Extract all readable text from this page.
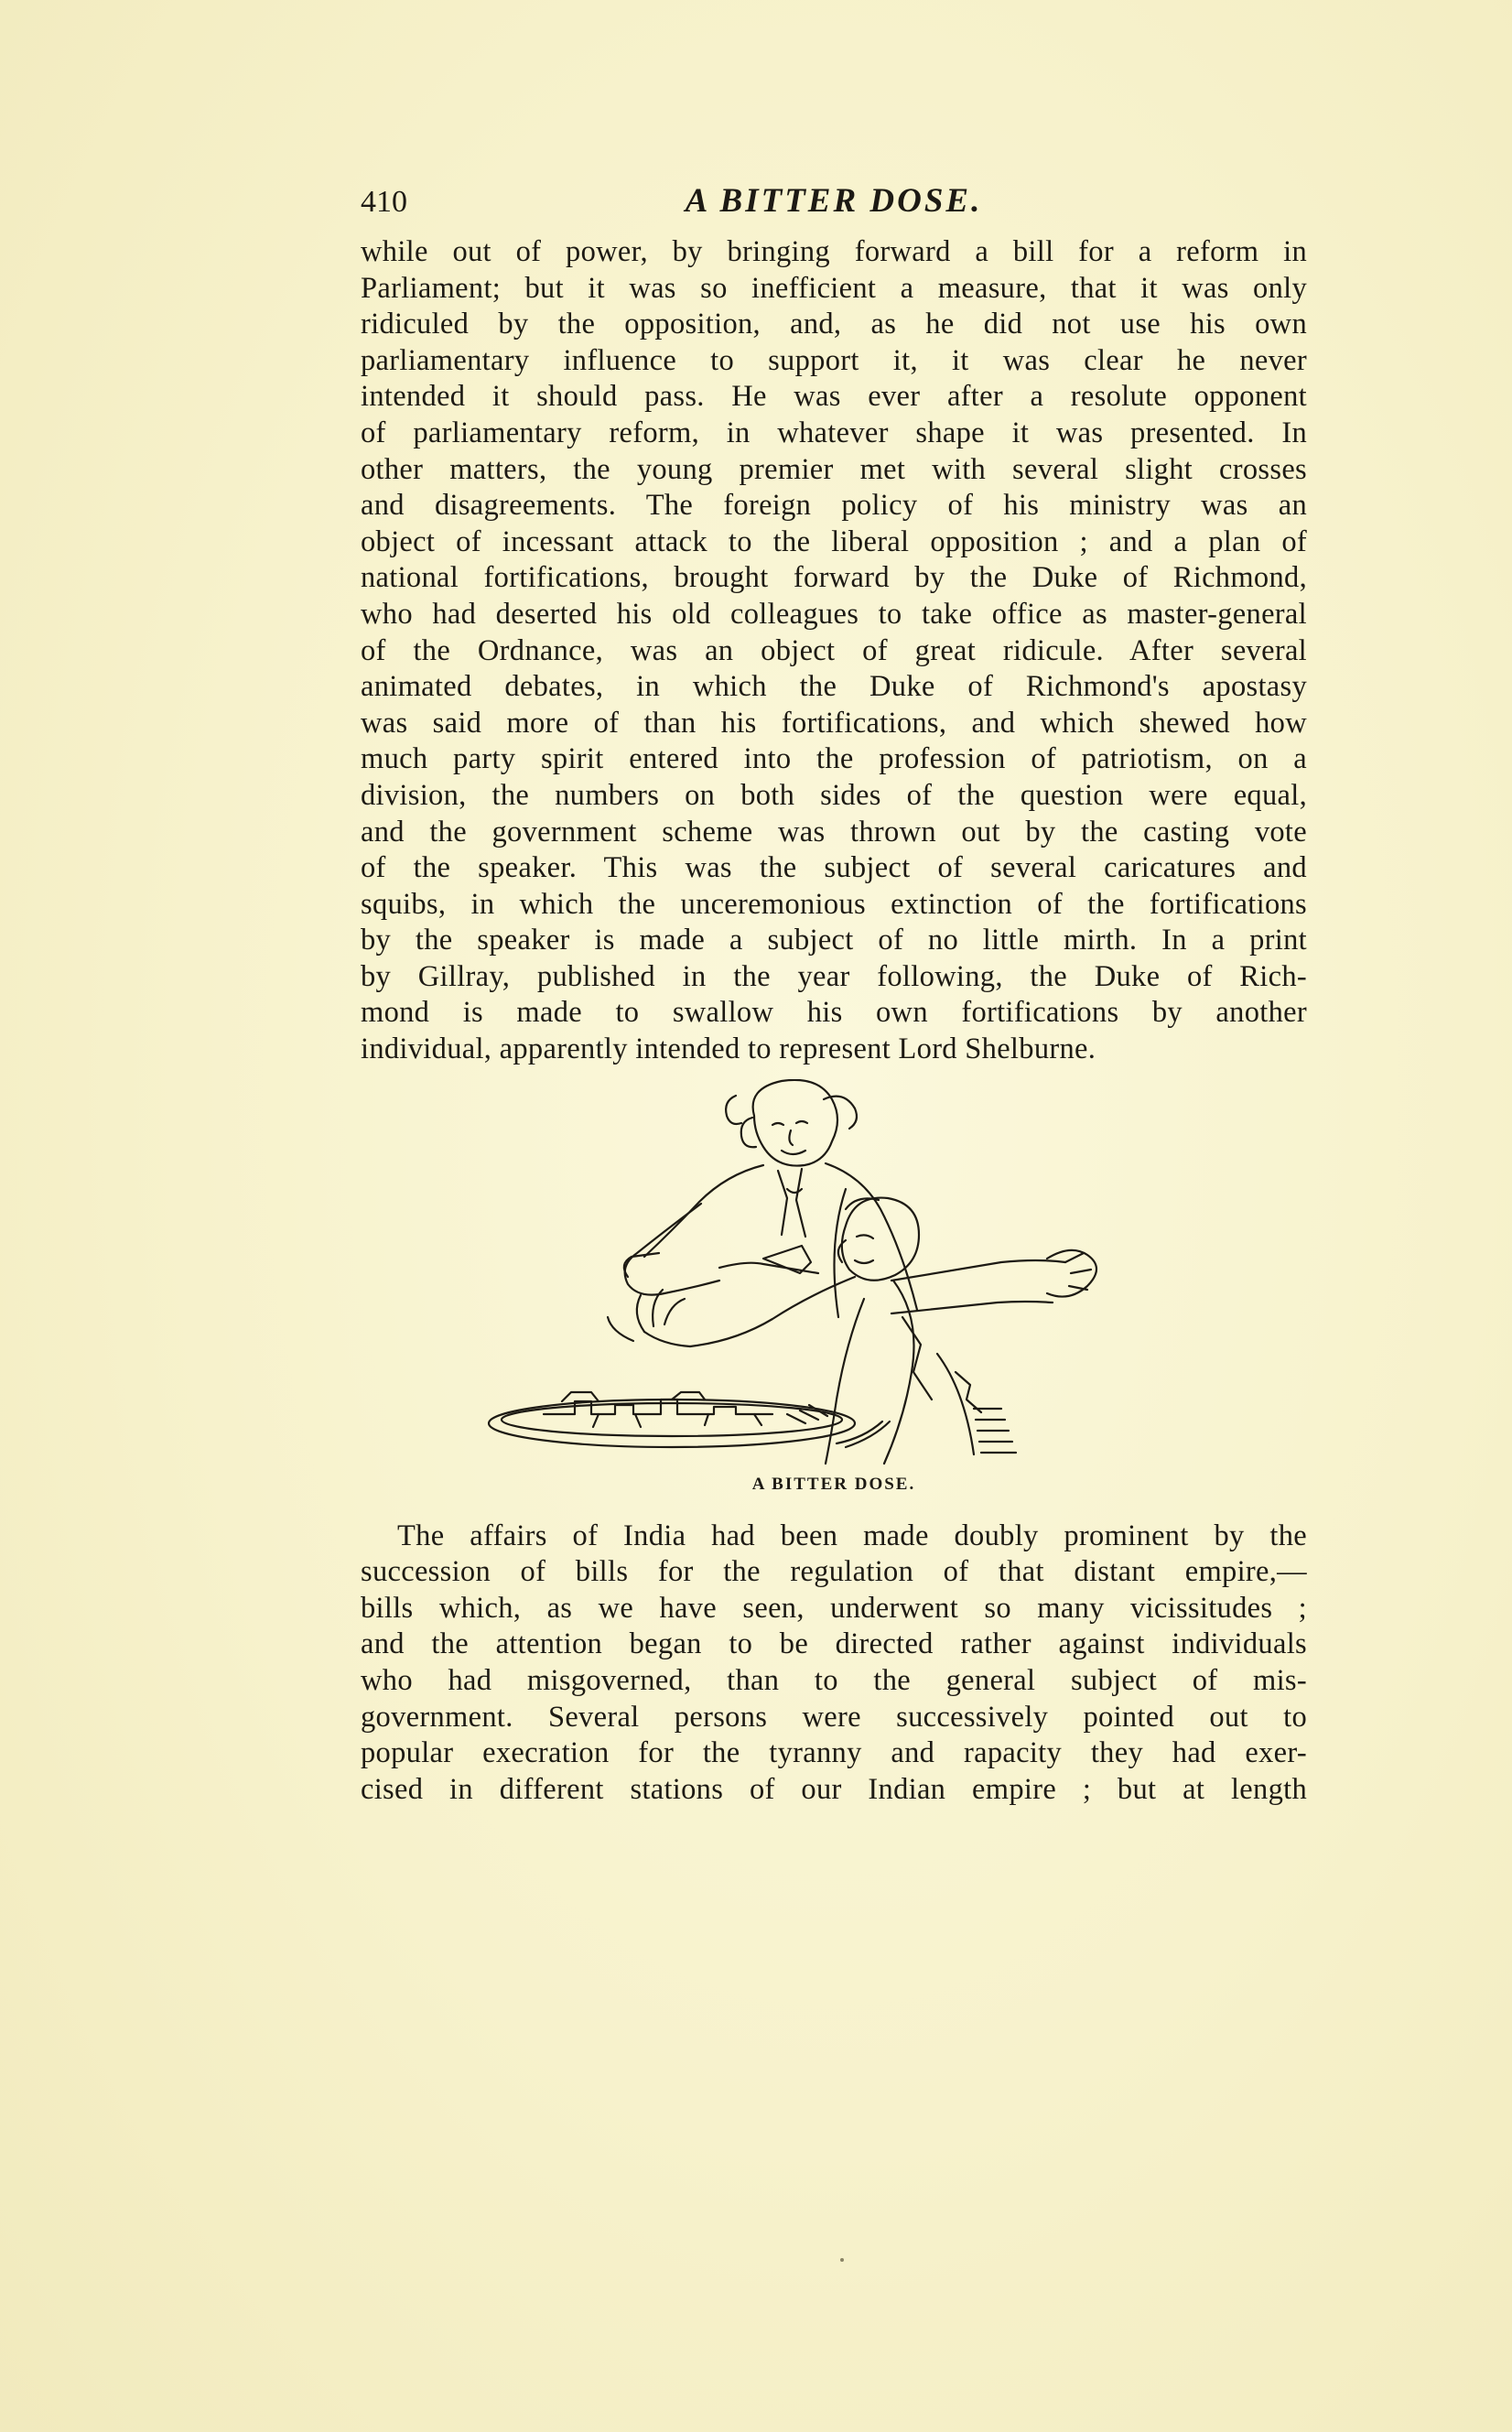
410	A BITTER DOSE.
while out of power, by bringing forward a bill for a reform in
Parliament; but it was so inefficient a measure, that it was only
ridiculed by the opposition, and, as he did not use his own
parliamentary influence to support it, it was clear he never
intended it should pass. He was ever after a resolute opponent
of parliamentary reform, in whatever shape it was presented. In
other matters, the young premier met with several slight crosses
and disagreements. The foreign policy of his ministry was an
object of incessant attack to the liberal opposition ; and a plan of
national fortifications, brought forward by the Duke of Richmond,
who had deserted his old colleagues to take office as master-general
of the Ordnance, was an object of great ridicule. After several
animated debates, in which the Duke of Richmond's apostasy
was said more of than his fortifications, and which shewed how
much party spirit entered into the profession of patriotism, on a
division, the numbers on both sides of the question were equal,
and the government scheme was thrown out by the casting vote
of the speaker. This was the subject of several caricatures and
squibs, in which the unceremonious extinction of the fortifications
by the speaker is made a subject of no little mirth. In a print
by Gillray, published in the year following, the Duke of Rich-
mond is made to swallow his own fortifications by another
individual, apparently intended to represent Lord Shelburne.
A BITTER DOSE.
The affairs of India had been made doubly prominent by the
succession of bills for the regulation of that distant empire,—
bills which, as we have seen, underwent so many vicissitudes ;
and the attention began to be directed rather against individuals
who had misgoverned, than to the general subject of mis-
government. Several persons were successively pointed out to
popular execration for the tyranny and rapacity they had exer-
cised in different stations of our Indian empire ; but at length
